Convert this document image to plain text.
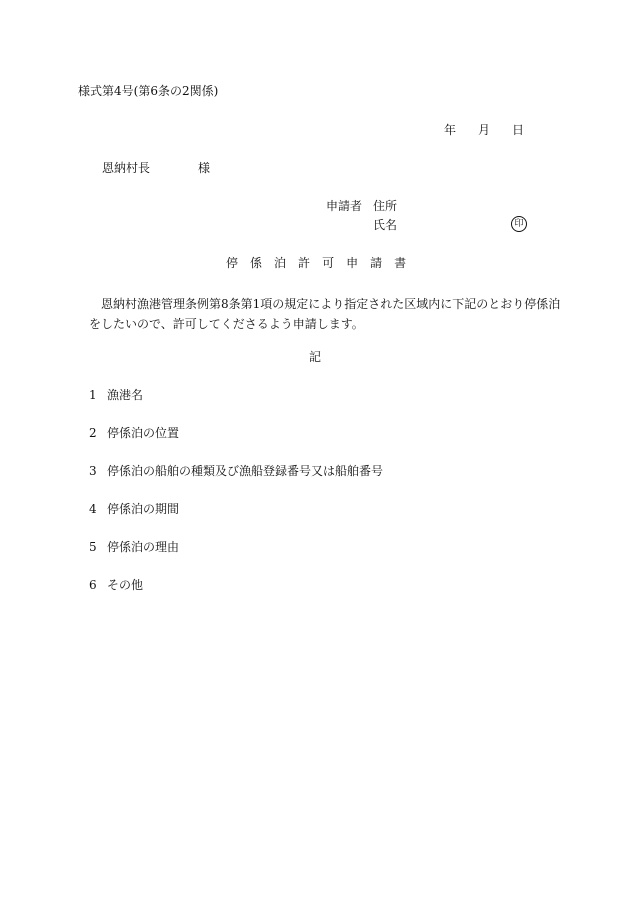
様式第4号(第6条の2関係)
年 月 日
恩納村長	様
申請者 住所
氏名	印
停 係 泊 許 可 申 請 書
恩納村漁港管理条例第8条第1項の規定により指定された区域内に下記のとおり停係泊
をしたいので、許可してくださるよう申請します。
記
1 漁港名
2 停係泊の位置
3 停係泊の船舶の種類及び漁船登録番号又は船舶番号
4 停係泊の期間
5 停係泊の理由
6 その他
